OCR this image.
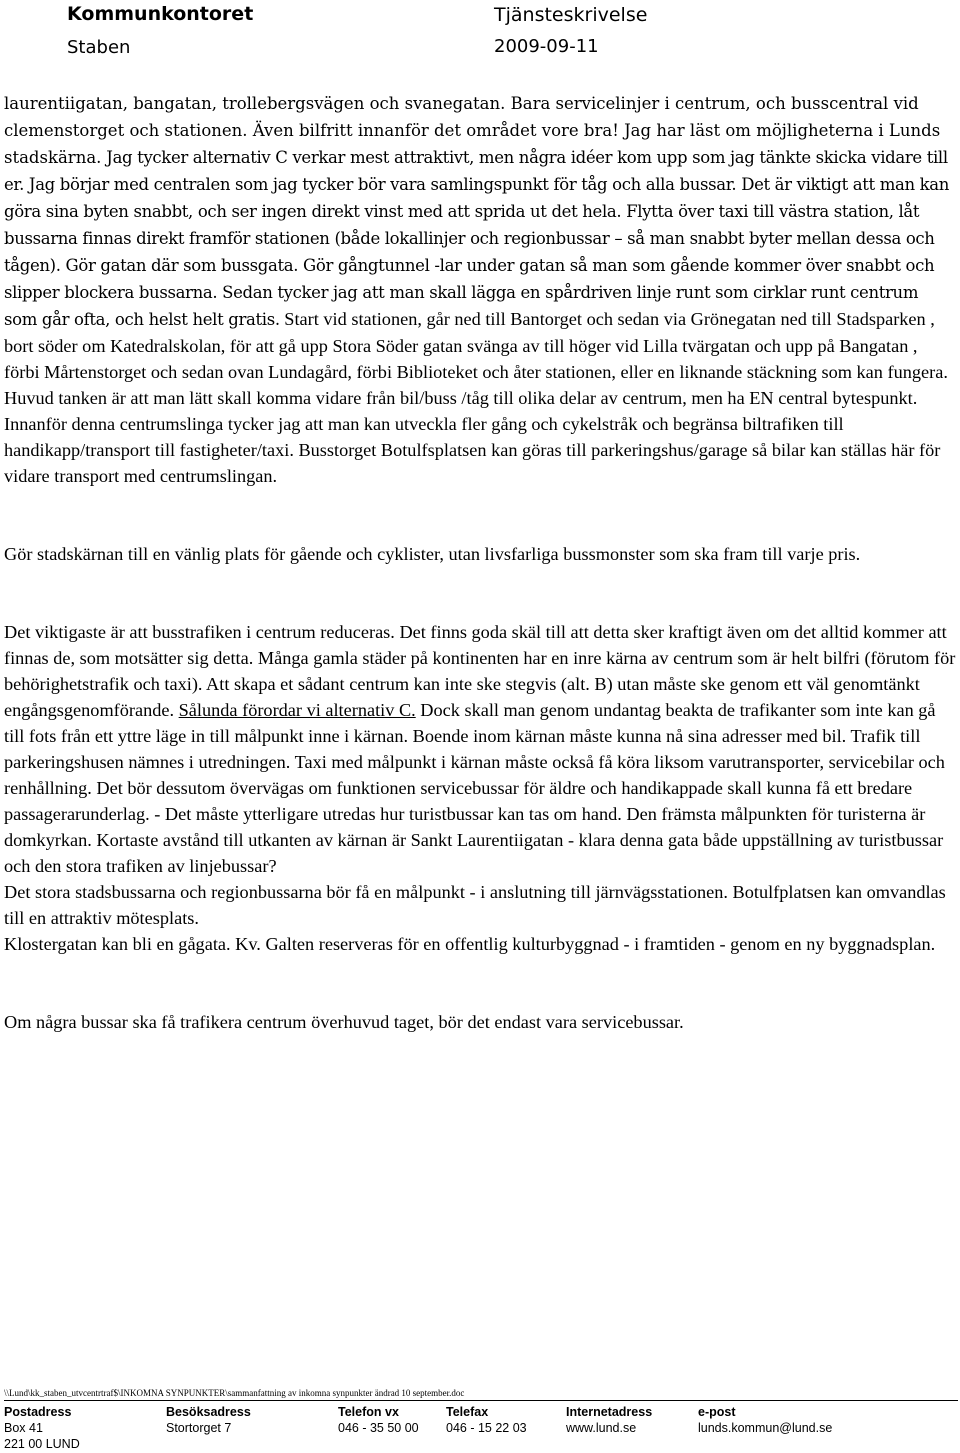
Kommunkontoret	Tjänsteskrivelse
Staben	2009-09-11

laurentiigatan, bangatan, trollebergsvägen och svanegatan. Bara servicelinjer i centrum, och busscentral vid clemenstorget och stationen. Även bilfritt innanför det området vore bra! Jag har läst om möjligheterna i Lunds stadskärna. Jag tycker alternativ C verkar mest attraktivt, men några idéer kom upp som jag tänkte skicka vidare till er. Jag börjar med centralen som jag tycker bör vara samlingspunkt för tåg och alla bussar. Det är viktigt att man kan göra sina byten snabbt, och ser ingen direkt vinst med att sprida ut det hela. Flytta över taxi till västra station, låt bussarna finnas direkt framför stationen (både lokallinjer och regionbussar – så man snabbt byter mellan dessa och tågen). Gör gatan där som bussgata. Gör gångtunnel -lar under gatan så man som gående kommer över snabbt och slipper blockera bussarna. Sedan tycker jag att man skall lägga en spårdriven linje runt som cirklar runt centrum som går ofta, och helst helt gratis. Start vid stationen, går ned till Bantorget och sedan via Grönegatan ned till Stadsparken , bort söder om Katedralskolan, för att gå upp Stora Söder gatan svänga av till höger vid Lilla tvärgatan och upp på Bangatan , förbi Mårtenstorget och sedan ovan Lundagård, förbi Biblioteket och åter stationen, eller en liknande stäckning som kan fungera.

Huvud tanken är att man lätt skall komma vidare från bil/buss /tåg till olika delar av centrum, men ha EN central bytespunkt. Innanför denna centrumslinga tycker jag att man kan utveckla fler gång och cykelstråk och begränsa biltrafiken till handikapp/transport till fastigheter/taxi. Busstorget Botulfsplatsen kan göras till parkeringshus/garage så bilar kan ställas här för vidare transport med centrumslingan.

Gör stadskärnan till en vänlig plats för gående och cyklister, utan livsfarliga bussmonster som ska fram till varje pris.

Det viktigaste är att busstrafiken i centrum reduceras. Det finns goda skäl till att detta sker kraftigt även om det alltid kommer att finnas de, som motsätter sig detta. Många gamla städer på kontinenten har en inre kärna av centrum som är helt bilfri (förutom för behörighetstrafik och taxi). Att skapa et sådant centrum kan inte ske stegvis (alt. B) utan måste ske genom ett väl genomtänkt engångsgenomförande. Sålunda förordar vi alternativ C. Dock skall man genom undantag beakta de trafikanter som inte kan gå till fots från ett yttre läge in till målpunkt inne i kärnan. Boende inom kärnan måste kunna nå sina adresser med bil. Trafik till parkeringshusen nämnes i utredningen. Taxi med målpunkt i kärnan måste också få köra liksom varutransporter, servicebilar och renhållning. Det bör dessutom övervägas om funktionen servicebussar för äldre och handikappade skall kunna få ett bredare passagerarunderlag. - Det måste ytterligare utredas hur turistbussar kan tas om hand. Den främsta målpunkten för turisterna är domkyrkan. Kortaste avstånd till utkanten av kärnan är Sankt Laurentiigatan - klara denna gata både uppställning av turistbussar och den stora trafiken av linjebussar?

Det stora stadsbussarna och regionbussarna bör få en målpunkt - i anslutning till järnvägsstationen. Botulfplatsen kan omvandlas till en attraktiv mötesplats.

Klostergatan kan bli en gågata. Kv. Galten reserveras för en offentlig kulturbyggnad - i framtiden - genom en ny byggnadsplan.

Om några bussar ska få trafikera centrum överhuvud taget, bör det endast vara servicebussar.

\\Lund\kk_staben_utvcentrtraf$\INKOMNA SYNPUNKTER\sammanfattning av inkomna synpunkter ändrad 10 september.doc
Postadress
Box 41
221 00 LUND
Besöksadress
Stortorget 7
Telefon vx
046 - 35 50 00
Telefax
046 - 15 22 03
Internetadress
www.lund.se
e-post
lunds.kommun@lund.se
